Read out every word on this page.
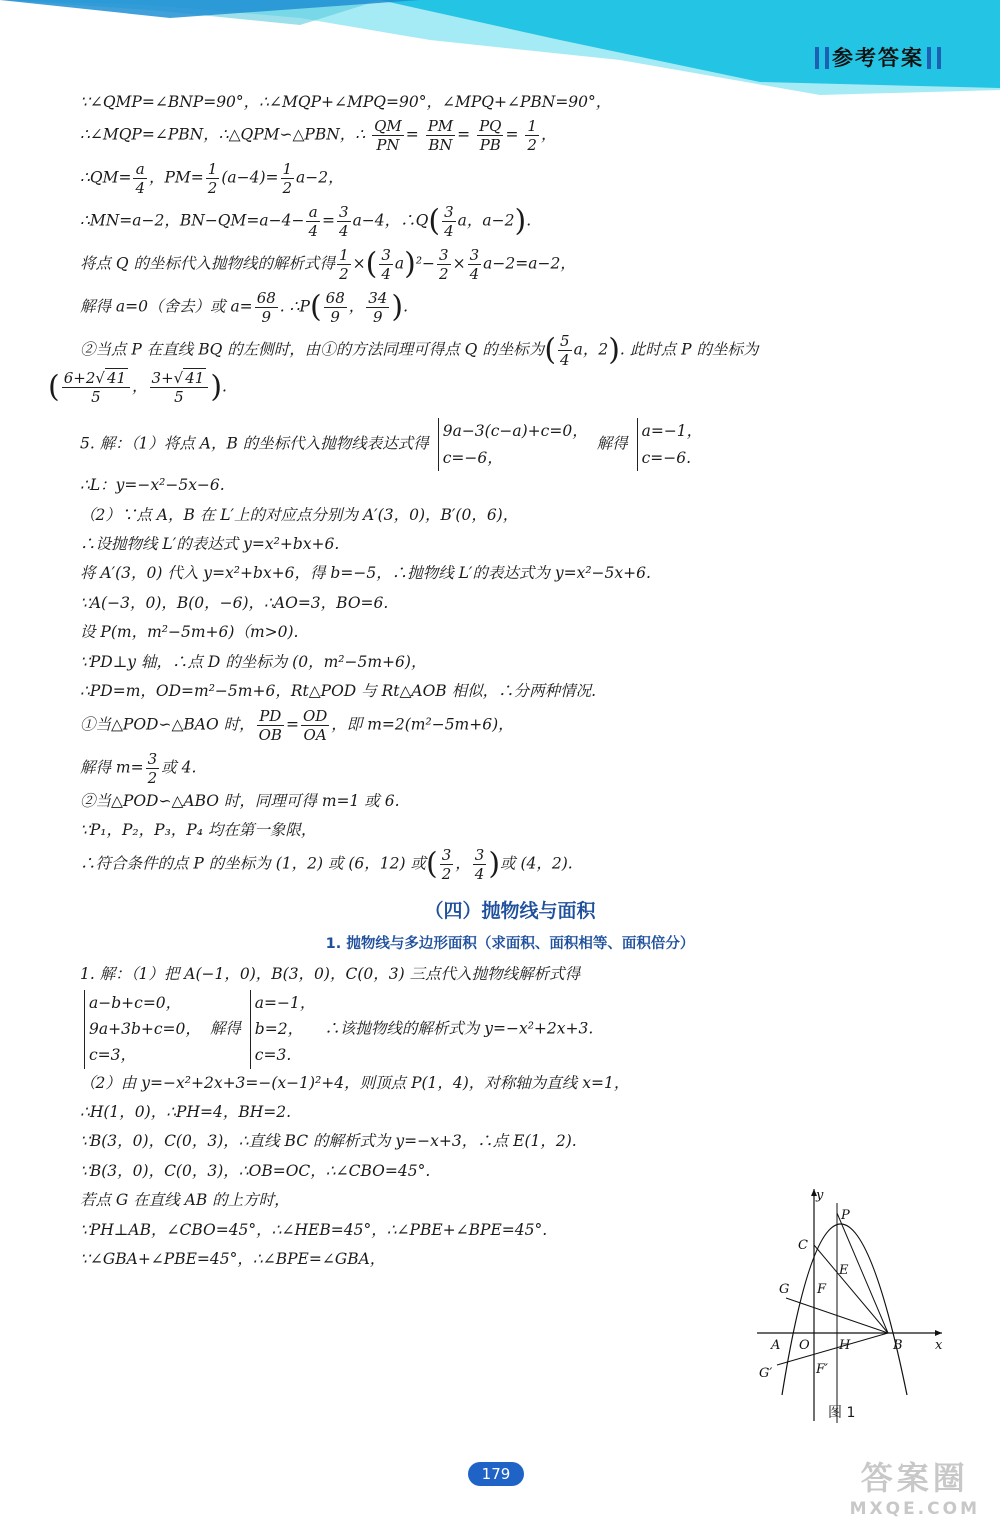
参考答案
∵∠QMP=∠BNP=90°，∴∠MQP+∠MPQ=90°，∠MPQ+∠PBN=90°，
∴∠MQP=∠PBN，∴△QPM∽△PBN，∴ $\frac{QM}{PN} = \frac{PM}{BN} = \frac{PQ}{PB} = \frac{1}{2}$ ，
∴QM= $\frac{a}{4}$ ，$PM= \frac{1}{2} (a-4)= \frac{1}{2} a-2$，
∴MN=a−2，$BN-QM=a-4- \frac{a}{4} = \frac{3}{4} a-4$，∴Q( $\frac{3}{4}$ a，a−2).
将点 Q 的坐标代入抛物线的解析式得 $\frac{1}{2}$ ×( $\frac{3}{4} a)^2- \frac{3}{2} \times \frac{3}{4} a-2=a-2$，
解得 a=0（舍去）或 $a= \frac{68}{9}$ . ∴P( $\frac{68}{9}$ ， $\frac{34}{9}$ ).
②当点 P 在直线 BQ 的左侧时，由①的方法同理可得点 Q 的坐标为( $\frac{5}{4}$ a，2). 此时点 P 的坐标为
( $\frac{6+2√ 41}{5}$ ， $\frac{3+√ 41}{5}$ ).
5. 解：（1）将点 A，B 的坐标代入抛物线表达式得
9a−3(c−a)+c=0，
c=−6，
解得
a=−1，
c=−6.
∴L：y=−x²−5x−6.
（2）∵点 A，B 在 L′上的对应点分别为 A′(3，0)，B′(0，6)，
∴设抛物线 L′的表达式 y=x²+bx+6.
将 A′(3，0) 代入 y=x²+bx+6，得 b=−5，∴抛物线 L′的表达式为 y=x²−5x+6.
∵A(−3，0)，B(0，−6)，∴AO=3，BO=6.
设 P(m，m²−5m+6)（m>0).
∵PD⊥y 轴，∴点 D 的坐标为 (0，m²−5m+6)，
∴PD=m，OD=m²−5m+6，Rt△POD 与 Rt△AOB 相似，∴分两种情况.
①当△POD∽△BAO 时， $\frac{PD}{OB} = \frac{OD}{OA}$ ，即 m=2(m²−5m+6)，
解得 $m= \frac{3}{2}$ 或 4.
②当△POD∽△ABO 时，同理可得 m=1 或 6.
∵P₁，P₂，P₃，P₄ 均在第一象限，
∴符合条件的点 P 的坐标为 (1，2) 或 (6，12) 或( $\frac{3}{2}$ ， $\frac{3}{4}$ )或 (4，2).
（四）抛物线与面积
1. 抛物线与多边形面积（求面积、面积相等、面积倍分）
1. 解：（1）把 A(−1，0)，B(3，0)，C(0，3) 三点代入抛物线解析式得
a−b+c=0，
9a+3b+c=0，
c=3，
解得
a=−1，
b=2，
c=3.
∴该抛物线的解析式为 y=−x²+2x+3.
（2）由 y=−x²+2x+3=−(x−1)²+4，则顶点 P(1，4)，对称轴为直线 x=1，
∴H(1，0)，∴PH=4，BH=2.
∵B(3，0)，C(0，3)，∴直线 BC 的解析式为 y=−x+3，∴点 E(1，2).
∵B(3，0)，C(0，3)，∴OB=OC，∴∠CBO=45°.
若点 G 在直线 AB 的上方时，
∵PH⊥AB，∠CBO=45°，∴∠HEB=45°，∴∠PBE+∠BPE=45°.
∵∠GBA+∠PBE=45°，∴∠BPE=∠GBA，
y
x
P
C
E
G F
A O H	B
G′	F′
图 1
179	答案圈
MXQE.COM
